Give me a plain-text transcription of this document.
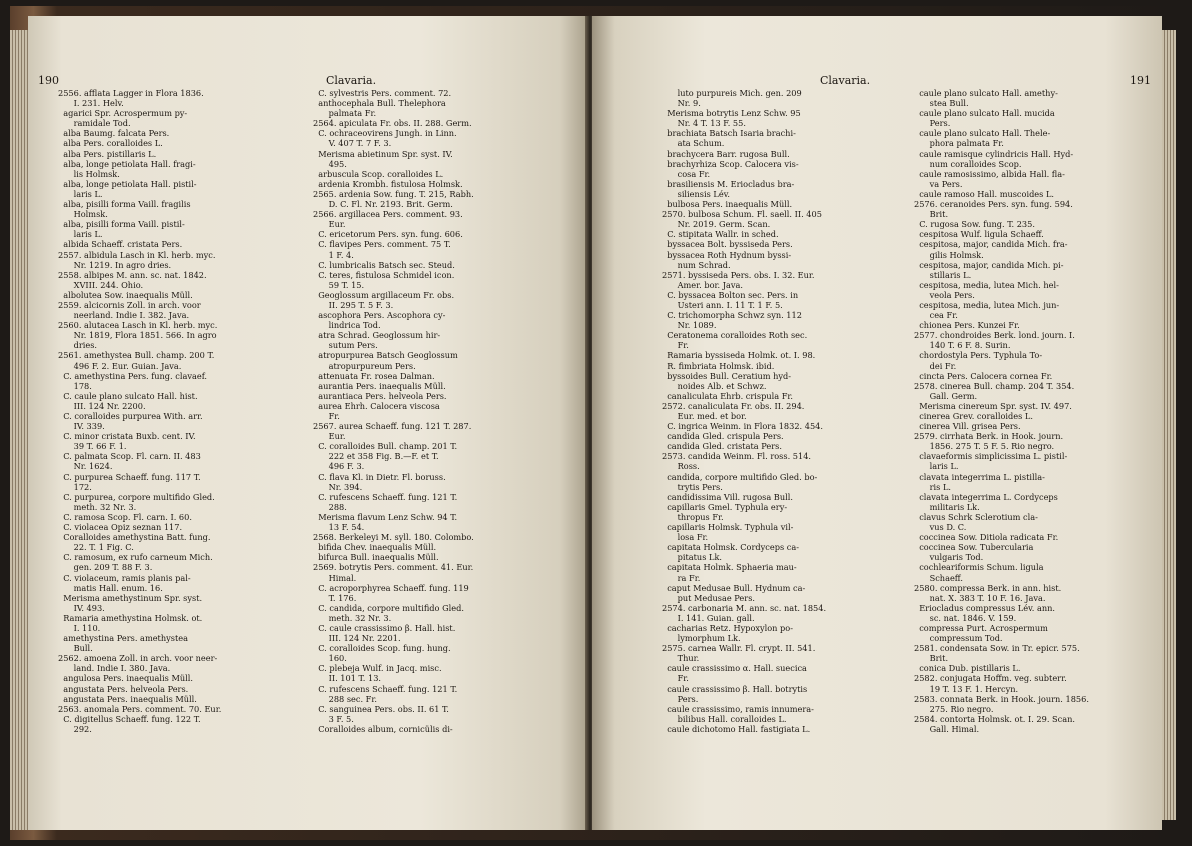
190	Clavaria.
2556. afflata Lagger in Flora 1836.
I. 231. Helv.
agarici Spr. Acrospermum py-
ramidale Tod.
alba Baumg. falcata Pers.
alba Pers. coralloides L.
alba Pers. pistillaris L.
alba, longe petiolata Hall. fragi-
lis Holmsk.
alba, longe petiolata Hall. pistil-
laris L.
alba, pisilli forma Vaill. fragilis
Holmsk.
alba, pisilli forma Vaill. pistil-
laris L.
albida Schaeff. cristata Pers.
2557. albidula Lasch in Kl. herb. myc.
Nr. 1219. In agro dries.
2558. albipes M. ann. sc. nat. 1842.
XVIII. 244. Ohio.
albolutea Sow. inaequalis Müll.
2559. alcicornis Zoll. in arch. voor
neerland. Indie I. 382. Java.
2560. alutacea Lasch in Kl. herb. myc.
Nr. 1819, Flora 1851. 566. In agro
dries.
2561. amethystea Bull. champ. 200 T.
496 F. 2. Eur. Guian. Java.
C. amethystina Pers. fung. clavaef.
178.
C. caule plano sulcato Hall. hist.
III. 124 Nr. 2200.
C. coralloides purpurea With. arr.
IV. 339.
C. minor cristata Buxb. cent. IV.
39 T. 66 F. 1.
C. palmata Scop. Fl. carn. II. 483
Nr. 1624.
C. purpurea Schaeff. fung. 117 T.
172.
C. purpurea, corpore multifido Gled.
meth. 32 Nr. 3.
C. ramosa Scop. Fl. carn. I. 60.
C. violacea Opiz seznan 117.
Coralloides amethystina Batt. fung.
22. T. 1 Fig. C.
C. ramosum, ex rufo carneum Mich.
gen. 209 T. 88 F. 3.
C. violaceum, ramis planis pal-
matis Hall. enum. 16.
Merisma amethystinum Spr. syst.
IV. 493.
Ramaria amethystina Holmsk. ot.
I. 110.
amethystina Pers. amethystea
Bull.
2562. amoena Zoll. in arch. voor neer-
land. Indie I. 380. Java.
angulosa Pers. inaequalis Müll.
angustata Pers. helveola Pers.
angustata Pers. inaequalis Müll.
2563. anomala Pers. comment. 70. Eur.
C. digitellus Schaeff. fung. 122 T.
292.
C. sylvestris Pers. comment. 72.
anthocephala Bull. Thelephora
palmata Fr.
2564. apiculata Fr. obs. II. 288. Germ.
C. ochraceovirens Jungh. in Linn.
V. 407 T. 7 F. 3.
Merisma abietinum Spr. syst. IV.
495.
arbuscula Scop. coralloides L.
ardenia Krombh. fistulosa Holmsk.
2565. ardenia Sow. fung. T. 215, Rabh.
D. C. Fl. Nr. 2193. Brit. Germ.
2566. argillacea Pers. comment. 93.
Eur.
C. ericetorum Pers. syn. fung. 606.
C. flavipes Pers. comment. 75 T.
1 F. 4.
C. lumbricalis Batsch sec. Steud.
C. teres, fistulosa Schmidel icon.
59 T. 15.
Geoglossum argillaceum Fr. obs.
II. 295 T. 5 F. 3.
ascophora Pers. Ascophora cy-
lindrica Tod.
atra Schrad. Geoglossum hir-
sutum Pers.
atropurpurea Batsch Geoglossum
atropurpureum Pers.
attenuata Fr. rosea Dalman.
aurantia Pers. inaequalis Müll.
aurantiaca Pers. helveola Pers.
aurea Ehrh. Calocera viscosa
Fr.
2567. aurea Schaeff. fung. 121 T. 287.
Eur.
C. coralloides Bull. champ. 201 T.
222 et 358 Fig. B.—F. et T.
496 F. 3.
C. flava Kl. in Dietr. Fl. boruss.
Nr. 394.
C. rufescens Schaeff. fung. 121 T.
288.
Merisma flavum Lenz Schw. 94 T.
13 F. 54.
2568. Berkeleyi M. syll. 180. Colombo.
bifida Chev. inaequalis Müll.
bifurca Bull. inaequalis Müll.
2569. botrytis Pers. comment. 41. Eur.
Himal.
C. acroporphyrea Schaeff. fung. 119
T. 176.
C. candida, corpore multifido Gled.
meth. 32 Nr. 3.
C. caule crassissimo β. Hall. hist.
III. 124 Nr. 2201.
C. coralloides Scop. fung. hung.
160.
C. plebeja Wulf. in Jacq. misc.
II. 101 T. 13.
C. rufescens Schaeff. fung. 121 T.
288 sec. Fr.
C. sanguinea Pers. obs. II. 61 T.
3 F. 5.
Coralloides album, cornicülis di-
Clavaria.	191
luto purpureis Mich. gen. 209
Nr. 9.
Merisma botrytis Lenz Schw. 95
Nr. 4 T. 13 F. 55.
brachiata Batsch Isaria brachi-
ata Schum.
brachycera Barr. rugosa Bull.
brachyrhiza Scop. Calocera vis-
cosa Fr.
brasiliensis M. Eriocladus bra-
siliensis Lév.
bulbosa Pers. inaequalis Müll.
2570. bulbosa Schum. Fl. saell. II. 405
Nr. 2019. Germ. Scan.
C. stipitata Wallr. in sched.
byssacea Bolt. byssiseda Pers.
byssacea Roth Hydnum byssi-
num Schrad.
2571. byssiseda Pers. obs. I. 32. Eur.
Amer. bor. Java.
C. byssacea Bolton sec. Pers. in
Usteri ann. I. 11 T. 1 F. 5.
C. trichomorpha Schwz syn. 112
Nr. 1089.
Ceratonema coralloides Roth sec.
Fr.
Ramaria byssiseda Holmk. ot. I. 98.
R. fimbriata Holmsk. ibid.
byssoides Bull. Ceratium hyd-
noides Alb. et Schwz.
canaliculata Ehrb. crispula Fr.
2572. canaliculata Fr. obs. II. 294.
Eur. med. et bor.
C. ingrica Weinm. in Flora 1832. 454.
candida Gled. crispula Pers.
candida Gled. cristata Pers.
2573. candida Weinm. Fl. ross. 514.
Ross.
candida, corpore multifido Gled. bo-
trytis Pers.
candidissima Vill. rugosa Bull.
capillaris Gmel. Typhula ery-
thropus Fr.
capillaris Holmsk. Typhula vil-
losa Fr.
capitata Holmsk. Cordyceps ca-
pitatus Lk.
capitata Holmk. Sphaeria mau-
ra Fr.
caput Medusae Bull. Hydnum ca-
put Medusae Pers.
2574. carbonaria M. ann. sc. nat. 1854.
I. 141. Guian. gall.
cacharias Retz. Hypoxylon po-
lymorphum Lk.
2575. carnea Wallr. Fl. crypt. II. 541.
Thur.
caule crassissimo α. Hall. suecica
Fr.
caule crassissimo β. Hall. botrytis
Pers.
caule crassissimo, ramis innumera-
bilibus Hall. coralloides L.
caule dichotomo Hall. fastigiata L.
caule plano sulcato Hall. amethy-
stea Bull.
caule plano sulcato Hall. mucida
Pers.
caule plano sulcato Hall. Thele-
phora palmata Fr.
caule ramisque cylindricis Hall. Hyd-
num coralloides Scop.
caule ramosissimo, albida Hall. fla-
va Pers.
caule ramoso Hall. muscoides L.
2576. ceranoides Pers. syn. fung. 594.
Brit.
C. rugosa Sow. fung. T. 235.
cespitosa Wulf. ligula Schaeff.
cespitosa, major, candida Mich. fra-
gilis Holmsk.
cespitosa, major, candida Mich. pi-
stillaris L.
cespitosa, media, lutea Mich. hel-
veola Pers.
cespitosa, media, lutea Mich. jun-
cea Fr.
chionea Pers. Kunzei Fr.
2577. chondroides Berk. lond. journ. I.
140 T. 6 F. 8. Surin.
chordostyla Pers. Typhula To-
dei Fr.
cincta Pers. Calocera cornea Fr.
2578. cinerea Bull. champ. 204 T. 354.
Gall. Germ.
Merisma cinereum Spr. syst. IV. 497.
cinerea Grev. coralloides L.
cinerea Vill. grisea Pers.
2579. cirrhata Berk. in Hook. journ.
1856. 275 T. 5 F. 5. Rio negro.
clavaeformis simplicissima L. pistil-
laris L.
clavata integerrima L. pistilla-
ris L.
clavata integerrima L. Cordyceps
militaris Lk.
clavus Schrk Sclerotium cla-
vus D. C.
coccinea Sow. Ditiola radicata Fr.
coccinea Sow. Tubercularia
vulgaris Tod.
cochleariformis Schum. ligula
Schaeff.
2580. compressa Berk. in ann. hist.
nat. X. 383 T. 10 F. 16. Java.
Eriocladus compressus Lév. ann.
sc. nat. 1846. V. 159.
compressa Purt. Acrospermum
compressum Tod.
2581. condensata Sow. in Tr. epicr. 575.
Brit.
conica Dub. pistillaris L.
2582. conjugata Hoffm. veg. subterr.
19 T. 13 F. 1. Hercyn.
2583. connata Berk. in Hook. journ. 1856.
275. Rio negro.
2584. contorta Holmsk. ot. I. 29. Scan.
Gall. Himal.
